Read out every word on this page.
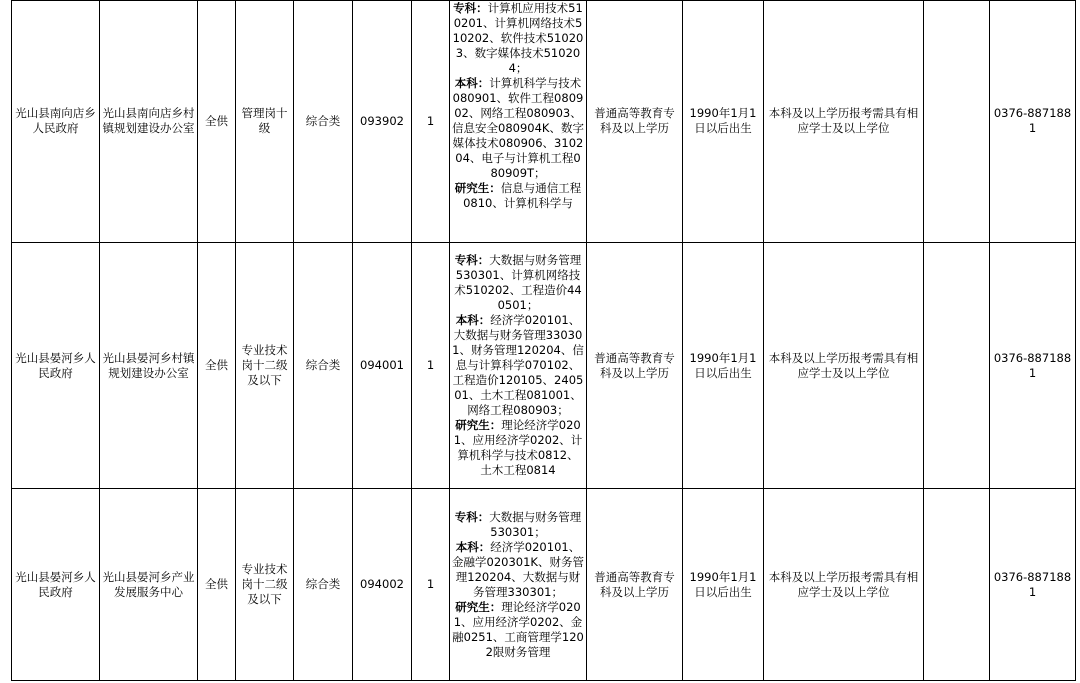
光山县南向店乡人民政府	光山县南向店乡村镇规划建设办公室	全供	管理岗十级	综合类	093902	1	专科：计算机应用技术510201、计算机网络技术510202、软件技术510203、数字媒体技术510204；
本科：计算机科学与技术080901、软件工程080902、网络工程080903、信息安全080904K、数字媒体技术080906、310204、电子与计算机工程080909T；
研究生：信息与通信工程0810、计算机科学与	普通高等教育专科及以上学历	1990年1月1日以后出生	本科及以上学历报考需具有相应学士及以上学位		0376-8871881
光山县晏河乡人民政府	光山县晏河乡村镇规划建设办公室	全供	专业技术岗十二级及以下	综合类	094001	1	专科：大数据与财务管理530301、计算机网络技术510202、工程造价440501；
本科：经济学020101、大数据与财务管理330301、财务管理120204、信息与计算科学070102、工程造价120105、240501、土木工程081001、网络工程080903；
研究生：理论经济学0201、应用经济学0202、计算机科学与技术0812、土木工程0814	普通高等教育专科及以上学历	1990年1月1日以后出生	本科及以上学历报考需具有相应学士及以上学位		0376-8871881
光山县晏河乡人民政府	光山县晏河乡产业发展服务中心	全供	专业技术岗十二级及以下	综合类	094002	1	专科：大数据与财务管理530301；
本科：经济学020101、金融学020301K、财务管理120204、大数据与财务管理330301；
研究生：理论经济学0201、应用经济学0202、金融0251、工商管理学1202限财务管理	普通高等教育专科及以上学历	1990年1月1日以后出生	本科及以上学历报考需具有相应学士及以上学位		0376-8871881
